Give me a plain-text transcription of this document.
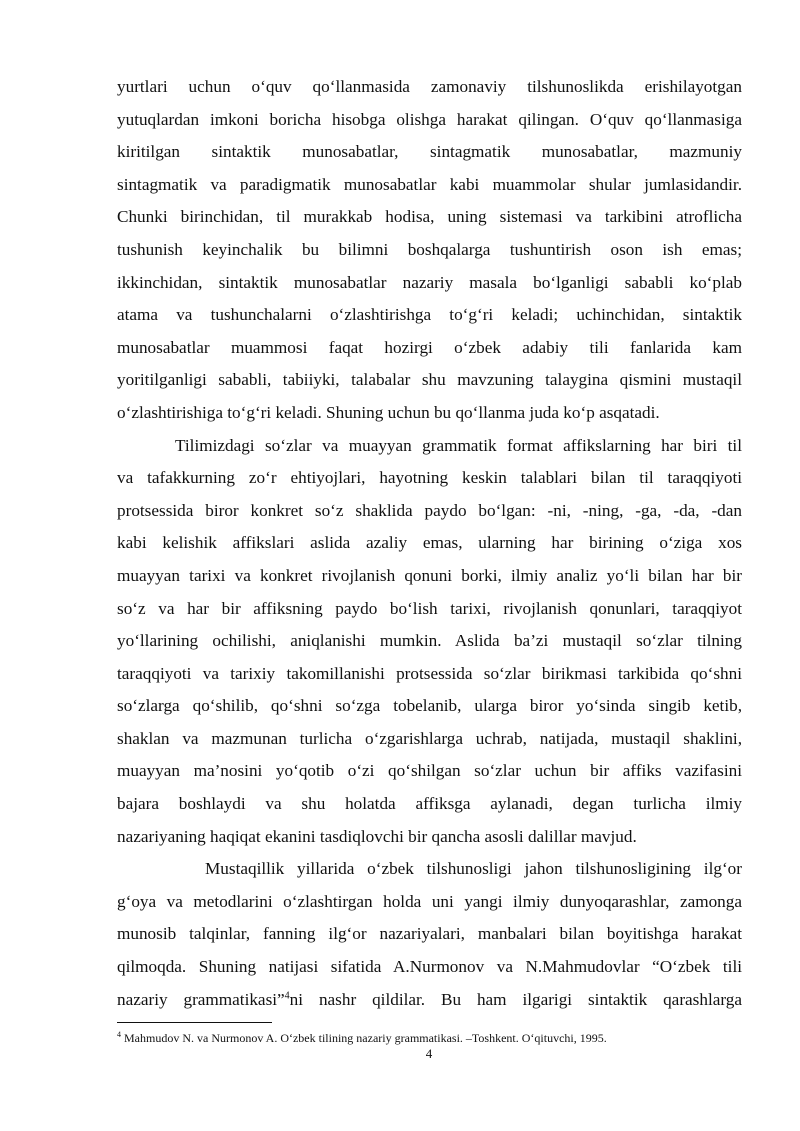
yurtlari uchun o‘quv qo‘llanmasida zamonaviy tilshunoslikda erishilayotgan
yutuqlardan imkoni boricha hisobga olishga harakat qilingan. O‘quv qo‘llanmasiga
kiritilgan sintaktik munosabatlar, sintagmatik munosabatlar, mazmuniy
sintagmatik va paradigmatik munosabatlar kabi muammolar shular jumlasidandir.
Chunki birinchidan, til murakkab hodisa, uning sistemasi va tarkibini atroflicha
tushunish keyinchalik bu bilimni boshqalarga tushuntirish oson ish emas;
ikkinchidan, sintaktik munosabatlar nazariy masala bo‘lganligi sababli ko‘plab
atama va tushunchalarni o‘zlashtirishga to‘g‘ri keladi; uchinchidan, sintaktik
munosabatlar muammosi faqat hozirgi o‘zbek adabiy tili fanlarida kam
yoritilganligi sababli, tabiiyki, talabalar shu mavzuning talaygina qismini mustaqil
o‘zlashtirishiga to‘g‘ri keladi. Shuning uchun bu qo‘llanma juda ko‘p asqatadi.
Tilimizdagi so‘zlar va muayyan grammatik format affikslarning har biri til
va tafakkurning zo‘r ehtiyojlari, hayotning keskin talablari bilan til taraqqiyoti
protsessida biror konkret so‘z shaklida paydo bo‘lgan: -ni, -ning, -ga, -da, -dan
kabi kelishik affikslari aslida azaliy emas, ularning har birining o‘ziga xos
muayyan tarixi va konkret rivojlanish qonuni borki, ilmiy analiz yo‘li bilan har bir
so‘z va har bir affiksning paydo bo‘lish tarixi, rivojlanish qonunlari, taraqqiyot
yo‘llarining ochilishi, aniqlanishi mumkin. Aslida ba’zi mustaqil so‘zlar tilning
taraqqiyoti va tarixiy takomillanishi protsessida so‘zlar birikmasi tarkibida qo‘shni
so‘zlarga qo‘shilib, qo‘shni so‘zga tobelanib, ularga biror yo‘sinda singib ketib,
shaklan va mazmunan turlicha o‘zgarishlarga uchrab, natijada, mustaqil shaklini,
muayyan ma’nosini yo‘qotib o‘zi qo‘shilgan so‘zlar uchun bir affiks vazifasini
bajara boshlaydi va shu holatda affiksga aylanadi, degan turlicha ilmiy
nazariyaning haqiqat ekanini tasdiqlovchi bir qancha asosli dalillar mavjud.
Mustaqillik yillarida o‘zbek tilshunosligi jahon tilshunosligining ilg‘or
g‘oya va metodlarini o‘zlashtirgan holda uni yangi ilmiy dunyoqarashlar, zamonga
munosib talqinlar, fanning ilg‘or nazariyalari, manbalari bilan boyitishga harakat
qilmoqda. Shuning natijasi sifatida A.Nurmonov va N.Mahmudovlar “O‘zbek tili
nazariy grammatikasi”$^4$ni nashr qildilar. Bu ham ilgarigi sintaktik qarashlarga
$^4$ Mahmudov N. va Nurmonov A. O‘zbek tilining nazariy grammatikasi. –Toshkent. O‘qituvchi, 1995.
4
